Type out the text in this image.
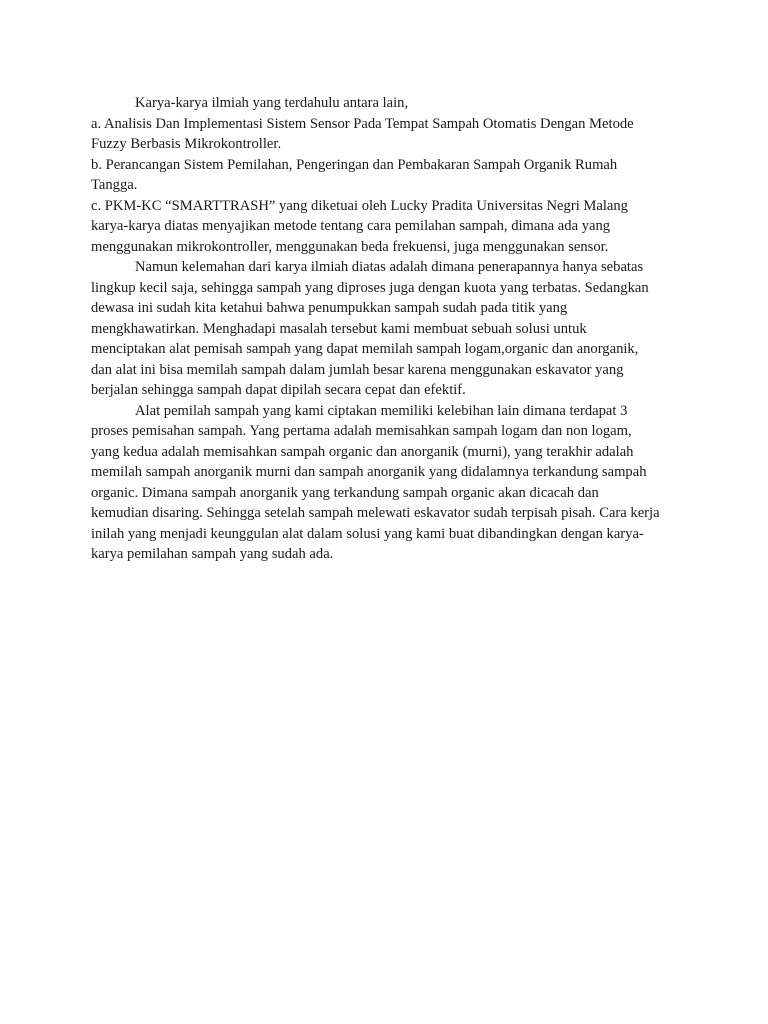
Karya-karya ilmiah yang terdahulu antara lain,
a. Analisis Dan Implementasi Sistem Sensor Pada Tempat Sampah Otomatis Dengan Metode
Fuzzy Berbasis Mikrokontroller.
b. Perancangan Sistem Pemilahan, Pengeringan dan Pembakaran Sampah Organik Rumah
Tangga.
c. PKM-KC “SMARTTRASH” yang diketuai oleh Lucky Pradita Universitas Negri Malang
karya-karya diatas menyajikan metode tentang cara pemilahan sampah, dimana ada yang
menggunakan mikrokontroller, menggunakan beda frekuensi, juga menggunakan sensor.
Namun kelemahan dari karya ilmiah diatas adalah dimana penerapannya hanya sebatas
lingkup kecil saja, sehingga sampah yang diproses juga dengan kuota yang terbatas. Sedangkan
dewasa ini sudah kita ketahui bahwa penumpukkan sampah sudah pada titik yang
mengkhawatirkan. Menghadapi masalah tersebut kami membuat sebuah solusi untuk
menciptakan alat pemisah sampah yang dapat memilah sampah logam,organic dan anorganik,
dan alat ini bisa memilah sampah dalam jumlah besar karena menggunakan eskavator yang
berjalan sehingga sampah dapat dipilah secara cepat dan efektif.
Alat pemilah sampah yang kami ciptakan memiliki kelebihan lain dimana terdapat 3
proses pemisahan sampah. Yang pertama adalah memisahkan sampah logam dan non logam,
yang kedua adalah memisahkan sampah organic dan anorganik (murni), yang terakhir adalah
memilah sampah anorganik murni dan sampah anorganik yang didalamnya terkandung sampah
organic. Dimana sampah anorganik yang terkandung sampah organic akan dicacah dan
kemudian disaring. Sehingga setelah sampah melewati eskavator sudah terpisah pisah. Cara kerja
inilah yang menjadi keunggulan alat dalam solusi yang kami buat dibandingkan dengan karya-
karya pemilahan sampah yang sudah ada.
